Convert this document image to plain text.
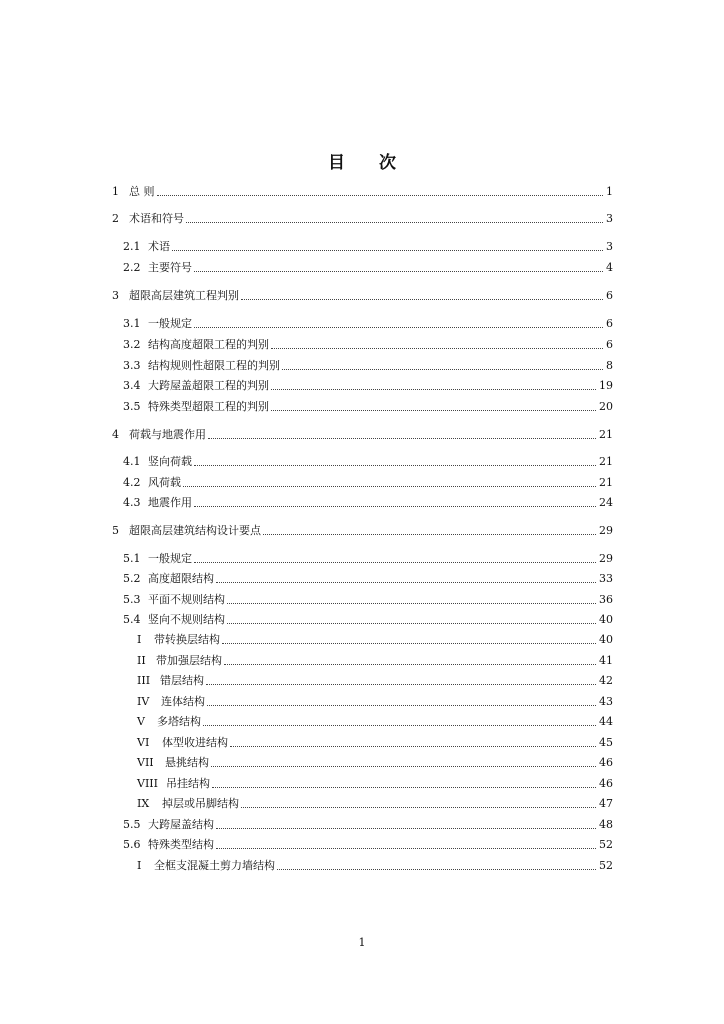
目 次
1 总 则	1
2 术语和符号	3
2.1 术语	3
2.2 主要符号	4
3 超限高层建筑工程判别	6
3.1 一般规定	6
3.2 结构高度超限工程的判别	6
3.3 结构规则性超限工程的判别	8
3.4 大跨屋盖超限工程的判别	19
3.5 特殊类型超限工程的判别	20
4 荷载与地震作用	21
4.1 竖向荷载	21
4.2 风荷载	21
4.3 地震作用	24
5 超限高层建筑结构设计要点	29
5.1 一般规定	29
5.2 高度超限结构	33
5.3 平面不规则结构	36
5.4 竖向不规则结构	40
I	带转换层结构	40
II 带加强层结构	41
III 错层结构	42
IV	连体结构	43
V	多塔结构	44
VI	体型收进结构	45
VII	悬挑结构	46
VIII 吊挂结构	46
IX	掉层或吊脚结构	47
5.5 大跨屋盖结构	48
5.6 特殊类型结构	52
I	全框支混凝土剪力墙结构	52
1
